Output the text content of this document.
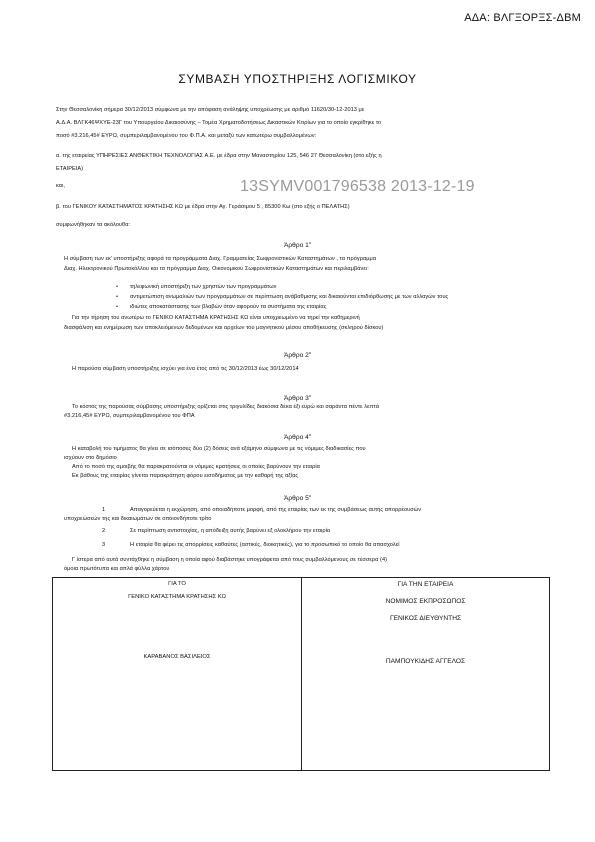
ΑΔΑ: ΒΛΓΞΟΡΞΣ-ΔΒΜ
ΣΥΜΒΑΣΗ ΥΠΟΣΤΗΡΙΞΗΣ ΛΟΓΙΣΜΙΚΟΥ
Στην Θεσσαλονίκη σήμερα 30/12/2013 σύμφωνα με την απόφαση ανάληψης υποχρέωσης με αριθμό 11620/30-12-2013 με
Α.Δ.Α. ΒΛΓΚ46ΨΧΥΕ-23Γ του Υπουργείου Δικαιοσύνης – Τομέα Χρηματοδοτήσεως Δικαστικών Κτιρίων για το οποίο εγκρίθηκε το
ποσό #3.216,45# ΕΥΡΩ, συμπεριλαμβανομένου του Φ.Π.Α. και μεταξύ των κατωτέρω συμβαλλομένων:
α. της εταιρείας ΥΠΗΡΕΣΙΕΣ ΑΝΘΕΚΤΙΚΗ ΤΕΧΝΟΛΟΓΙΑΣ Α.Ε. με έδρα στην Μαναστηρίου 125, 546 27 Θεσσαλονίκη (στο εξής η
ΕΤΑΙΡΕΙΑ)
και,	13SYMV001796538 2013-12-19
β. του ΓΕΝΙΚΟΥ ΚΑΤΑΣΤΗΜΑΤΟΣ ΚΡΑΤΗΣΗΣ ΚΩ με έδρα στην Αγ. Γεράσιμου 5 , 85300 Κω (στο εξής ο ΠΕΛΑΤΗΣ)
συμφωνήθηκαν τα ακόλουθα:
Άρθρο $1^o$
Η σύμβαση των εκ' υποστήριξης αφορά τα προγράμματα Διαχ. Γραμματείας Σωφρονιστικών Καταστημάτων , τα πρόγραμμα
Διαχ. Ηλεκτρονικού Πρωτοκόλλου και τα πρόγραμμα Διαχ. Οικονομικού Σωφρονιστικών Καταστημάτων και περιλαμβάνει:
• τηλεφωνική υποστήριξη των χρηστών των προγραμμάτων
• αντιμετώπιση ανωμαλιών των προγραμμάτων σε περίπτωση ανάβαθμισης και δικαιούνται επιδιόρθωσης με των αλλαγών τους
• ιδιώτες αποκατάστασης των βλαβών όταν αφορούν τα συστήματα της εταιρίας
Για την τήρηση του ανωτέρω το ΓΕΝΙΚΟ ΚΑΤΑΣΤΗΜΑ ΚΡΑΤΗΣΗΣ ΚΩ είναι υποχρεωμένο να τηρεί την καθημερινή
διασφάλιση και ενημέρωση των αποκλειόμενων δεδομένων και αρχείων του μαγνητικού μέσου αποθήκευσης (σκληρού δίσκου)
Άρθρο $2^o$
Η παρούσα σύμβαση υποστήριξης ισχύει για ένα έτος από τις 30/12/2013 έως 30/12/2014
Άρθρο $3^o$
Το κόστος της παρούσας σύμβασης υποστήριξης ορίζεται στις τριγυλίδες διακόσια δέκα έξι ευρώ και σαράντα πέντε λεπτά
#3.216,45# ΕΥΡΩ, συμπεριλαμβανομένου του ΦΠΑ
Άρθρο $4^o$
Η καταβολή του τιμήματος θα γίνει σε ισόποσες δύο (2) δόσεις ανά εξάμηνο σύμφωνα με τις νόμιμες διαδικασίες που
ισχύουν στο δημόσιο
Από το ποσό της αμοιβής θα παρακρατούνται οι νόμιμες κρατήσεις οι οποίες βαρύνουν την εταιρία
Εκ βάθους της εταιρίας γίνεται παρακράτηση φόρου εισοδήματος με την καθαρή της αξίας
Άρθρο $5^o$
1	Απαγορεύεται η εκχώρηση, από οποιαδήποτε μορφή, από της εταιρίας των εκ της συμβάσεως αυτής απορρέουσών
υποχρεώσεών της και δικαιωμάτων σε οποιονδήποτε τρίτο
2	Σε περίπτωση αντιστοιχίας, η απόδειξη αυτής βαρύνει εξ ολοκλήρου την εταιρία
3	Η εταιρία θα φέρει τις απορρίσεις καθαύτες (αστικές, διοικητικές), για το προσωπικό το οποίο θα απασχολεί
Γ ίστερα από αυτά συντάχθηκε η σύμβαση η οποία αφού διαβάστηκε υπογράφεται από τους συμβαλλόμενους σε τέσσερα (4)
όμοια πρωτότυπα και απλά φύλλα χάρτου
ΓΙΑ ΤΟ
ΓΕΝΙΚΟ ΚΑΤΑΣΤΗΜΑ ΚΡΑΤΗΣΗΣ ΚΩ
ΚΑΡΑΒΑΝΟΣ ΒΑΣΙΛΕΙΟΣ
ΓΙΑ ΤΗΝ ΕΤΑΙΡΕΙΑ
ΝΟΜΙΜΟΣ ΕΚΠΡΟΣΩΠΟΣ
ΓΕΝΙΚΟΣ ΔΙΕΥΘΥΝΤΗΣ
ΠΑΜΠΟΥΚΙΔΗΣ ΑΓΓΕΛΟΣ
